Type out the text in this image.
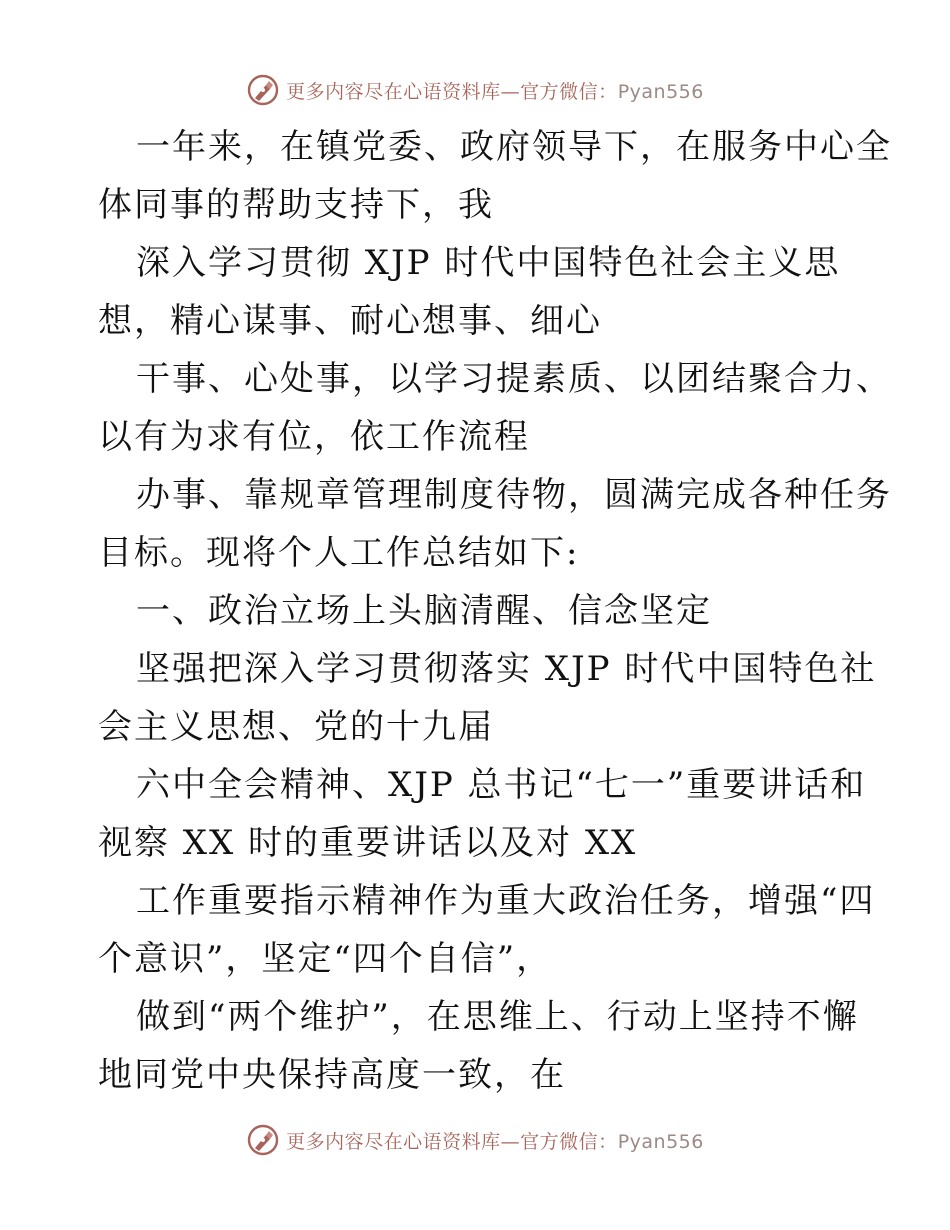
更多内容尽在心语资料库—官方微信：Pyan556
一年来，在镇党委、政府领导下，在服务中心全
体同事的帮助支持下，我
深入学习贯彻 XJP 时代中国特色社会主义思
想，精心谋事、耐心想事、细心
干事、心处事，以学习提素质、以团结聚合力、
以有为求有位，依工作流程
办事、靠规章管理制度待物，圆满完成各种任务
目标。现将个人工作总结如下:
一、政治立场上头脑清醒、信念坚定
坚强把深入学习贯彻落实 XJP 时代中国特色社
会主义思想、党的十九届
六中全会精神、XJP 总书记“七一”重要讲话和
视察 XX 时的重要讲话以及对 XX
工作重要指示精神作为重大政治任务，增强“四
个意识”，坚定“四个自信”，
做到“两个维护”，在思维上、行动上坚持不懈
地同党中央保持高度一致，在
更多内容尽在心语资料库—官方微信：Pyan556
